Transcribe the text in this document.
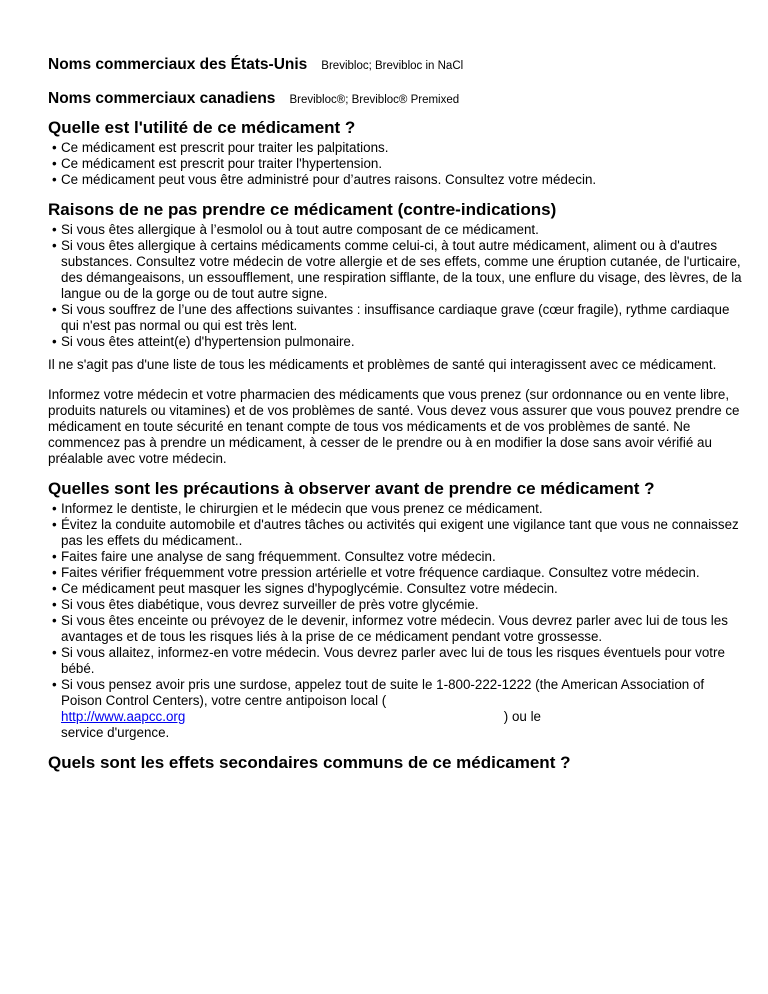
Noms commerciaux des États-Unis Brevibloc; Brevibloc in NaCl
Noms commerciaux canadiens Brevibloc®; Brevibloc® Premixed
Quelle est l'utilité de ce médicament ?
• Ce médicament est prescrit pour traiter les palpitations.
• Ce médicament est prescrit pour traiter l'hypertension.
• Ce médicament peut vous être administré pour d’autres raisons. Consultez votre médecin.
Raisons de ne pas prendre ce médicament (contre-indications)
• Si vous êtes allergique à l’esmolol ou à tout autre composant de ce médicament.
• Si vous êtes allergique à certains médicaments comme celui-ci, à tout autre médicament, aliment ou à d'autres substances. Consultez votre médecin de votre allergie et de ses effets, comme une éruption cutanée, de l'urticaire, des démangeaisons, un essoufflement, une respiration sifflante, de la toux, une enflure du visage, des lèvres, de la langue ou de la gorge ou de tout autre signe.
• Si vous souffrez de l’une des affections suivantes : insuffisance cardiaque grave (cœur fragile), rythme cardiaque qui n'est pas normal ou qui est très lent.
• Si vous êtes atteint(e) d'hypertension pulmonaire.

Il ne s'agit pas d'une liste de tous les médicaments et problèmes de santé qui interagissent avec ce médicament.

Informez votre médecin et votre pharmacien des médicaments que vous prenez (sur ordonnance ou en vente libre, produits naturels ou vitamines) et de vos problèmes de santé. Vous devez vous assurer que vous pouvez prendre ce médicament en toute sécurité en tenant compte de tous vos médicaments et de vos problèmes de santé. Ne commencez pas à prendre un médicament, à cesser de le prendre ou à en modifier la dose sans avoir vérifié au préalable avec votre médecin.

Quelles sont les précautions à observer avant de prendre ce médicament ?
• Informez le dentiste, le chirurgien et le médecin que vous prenez ce médicament.
• Évitez la conduite automobile et d'autres tâches ou activités qui exigent une vigilance tant que vous ne connaissez pas les effets du médicament..
• Faites faire une analyse de sang fréquemment. Consultez votre médecin.
• Faites vérifier fréquemment votre pression artérielle et votre fréquence cardiaque. Consultez votre médecin.
• Ce médicament peut masquer les signes d'hypoglycémie. Consultez votre médecin.
• Si vous êtes diabétique, vous devrez surveiller de près votre glycémie.
• Si vous êtes enceinte ou prévoyez de le devenir, informez votre médecin. Vous devrez parler avec lui de tous les avantages et de tous les risques liés à la prise de ce médicament pendant votre grossesse.
• Si vous allaitez, informez-en votre médecin. Vous devrez parler avec lui de tous les risques éventuels pour votre bébé.
• Si vous pensez avoir pris une surdose, appelez tout de suite le 1-800-222-1222 (the American Association of Poison Control Centers), votre centre antipoison local (
http://www.aapcc.org	) ou le
service d'urgence.
Quels sont les effets secondaires communs de ce médicament ?
